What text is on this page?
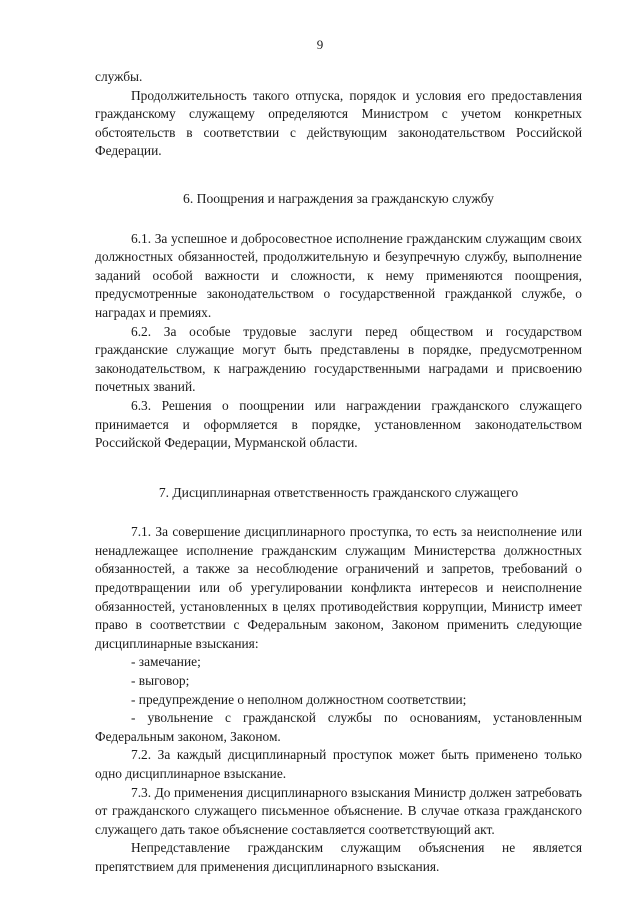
9

службы.

Продолжительность такого отпуска, порядок и условия его предоставления гражданскому служащему определяются Министром с учетом конкретных обстоятельств в соответствии с действующим законодательством Российской Федерации.

6. Поощрения и награждения за гражданскую службу

6.1. За успешное и добросовестное исполнение гражданским служащим своих должностных обязанностей, продолжительную и безупречную службу, выполнение заданий особой важности и сложности, к нему применяются поощрения, предусмотренные законодательством о государственной гражданкой службе, о наградах и премиях.

6.2. За особые трудовые заслуги перед обществом и государством гражданские служащие могут быть представлены в порядке, предусмотренном законодательством, к награждению государственными наградами и присвоению почетных званий.

6.3. Решения о поощрении или награждении гражданского служащего принимается и оформляется в порядке, установленном законодательством Российской Федерации, Мурманской области.

7. Дисциплинарная ответственность гражданского служащего

7.1. За совершение дисциплинарного проступка, то есть за неисполнение или ненадлежащее исполнение гражданским служащим Министерства должностных обязанностей, а также за несоблюдение ограничений и запретов, требований о предотвращении или об урегулировании конфликта интересов и неисполнение обязанностей, установленных в целях противодействия коррупции, Министр имеет право в соответствии с Федеральным законом, Законом применить следующие дисциплинарные взыскания:

- замечание;

- выговор;

- предупреждение о неполном должностном соответствии;

- увольнение с гражданской службы по основаниям, установленным Федеральным законом, Законом.

7.2. За каждый дисциплинарный проступок может быть применено только одно дисциплинарное взыскание.

7.3. До применения дисциплинарного взыскания Министр должен затребовать от гражданского служащего письменное объяснение. В случае отказа гражданского служащего дать такое объяснение составляется соответствующий акт.

Непредставление гражданским служащим объяснения не является препятствием для применения дисциплинарного взыскания.
